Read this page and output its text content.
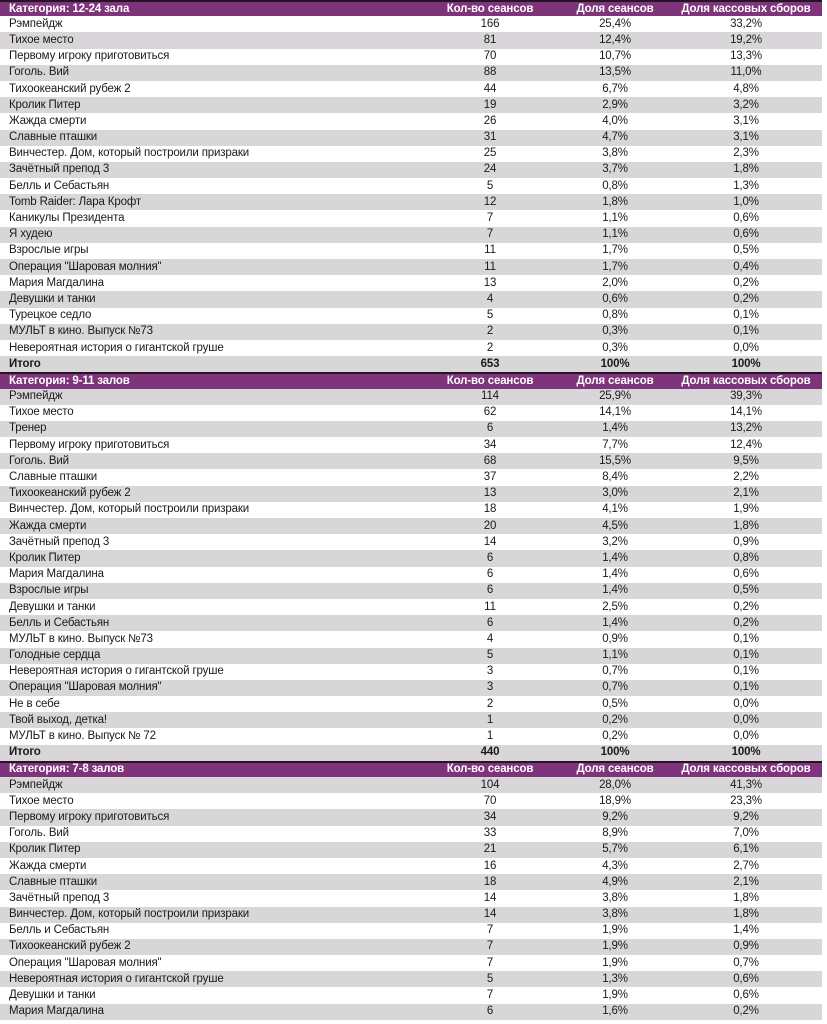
Категория: 12-24 зала	Кол-во сеансов	Доля сеансов	Доля кассовых сборов
Рэмпейдж	166	25,4%	33,2%
Тихое место	81	12,4%	19,2%
Первому игроку приготовиться	70	10,7%	13,3%
Гоголь. Вий	88	13,5%	11,0%
Тихоокеанский рубеж 2	44	6,7%	4,8%
Кролик Питер	19	2,9%	3,2%
Жажда смерти	26	4,0%	3,1%
Славные пташки	31	4,7%	3,1%
Винчестер. Дом, который построили призраки	25	3,8%	2,3%
Зачётный препод 3	24	3,7%	1,8%
Белль и Себастьян	5	0,8%	1,3%
Tomb Raider: Лара Крофт	12	1,8%	1,0%
Каникулы Президента	7	1,1%	0,6%
Я худею	7	1,1%	0,6%
Взрослые игры	11	1,7%	0,5%
Операция "Шаровая молния"	11	1,7%	0,4%
Мария Магдалина	13	2,0%	0,2%
Девушки и танки	4	0,6%	0,2%
Турецкое седло	5	0,8%	0,1%
МУЛЬТ в кино. Выпуск №73	2	0,3%	0,1%
Невероятная история о гигантской груше	2	0,3%	0,0%
Итого	653	100%	100%
Категория: 9-11 залов	Кол-во сеансов	Доля сеансов	Доля кассовых сборов
Рэмпейдж	114	25,9%	39,3%
Тихое место	62	14,1%	14,1%
Тренер	6	1,4%	13,2%
Первому игроку приготовиться	34	7,7%	12,4%
Гоголь. Вий	68	15,5%	9,5%
Славные пташки	37	8,4%	2,2%
Тихоокеанский рубеж 2	13	3,0%	2,1%
Винчестер. Дом, который построили призраки	18	4,1%	1,9%
Жажда смерти	20	4,5%	1,8%
Зачётный препод 3	14	3,2%	0,9%
Кролик Питер	6	1,4%	0,8%
Мария Магдалина	6	1,4%	0,6%
Взрослые игры	6	1,4%	0,5%
Девушки и танки	11	2,5%	0,2%
Белль и Себастьян	6	1,4%	0,2%
МУЛЬТ в кино. Выпуск №73	4	0,9%	0,1%
Голодные сердца	5	1,1%	0,1%
Невероятная история о гигантской груше	3	0,7%	0,1%
Операция "Шаровая молния"	3	0,7%	0,1%
Не в себе	2	0,5%	0,0%
Твой выход, детка!	1	0,2%	0,0%
МУЛЬТ в кино. Выпуск № 72	1	0,2%	0,0%
Итого	440	100%	100%
Категория: 7-8 залов	Кол-во сеансов	Доля сеансов	Доля кассовых сборов
Рэмпейдж	104	28,0%	41,3%
Тихое место	70	18,9%	23,3%
Первому игроку приготовиться	34	9,2%	9,2%
Гоголь. Вий	33	8,9%	7,0%
Кролик Питер	21	5,7%	6,1%
Жажда смерти	16	4,3%	2,7%
Славные пташки	18	4,9%	2,1%
Зачётный препод 3	14	3,8%	1,8%
Винчестер. Дом, который построили призраки	14	3,8%	1,8%
Белль и Себастьян	7	1,9%	1,4%
Тихоокеанский рубеж 2	7	1,9%	0,9%
Операция "Шаровая молния"	7	1,9%	0,7%
Невероятная история о гигантской груше	5	1,3%	0,6%
Девушки и танки	7	1,9%	0,6%
Мария Магдалина	6	1,6%	0,2%
